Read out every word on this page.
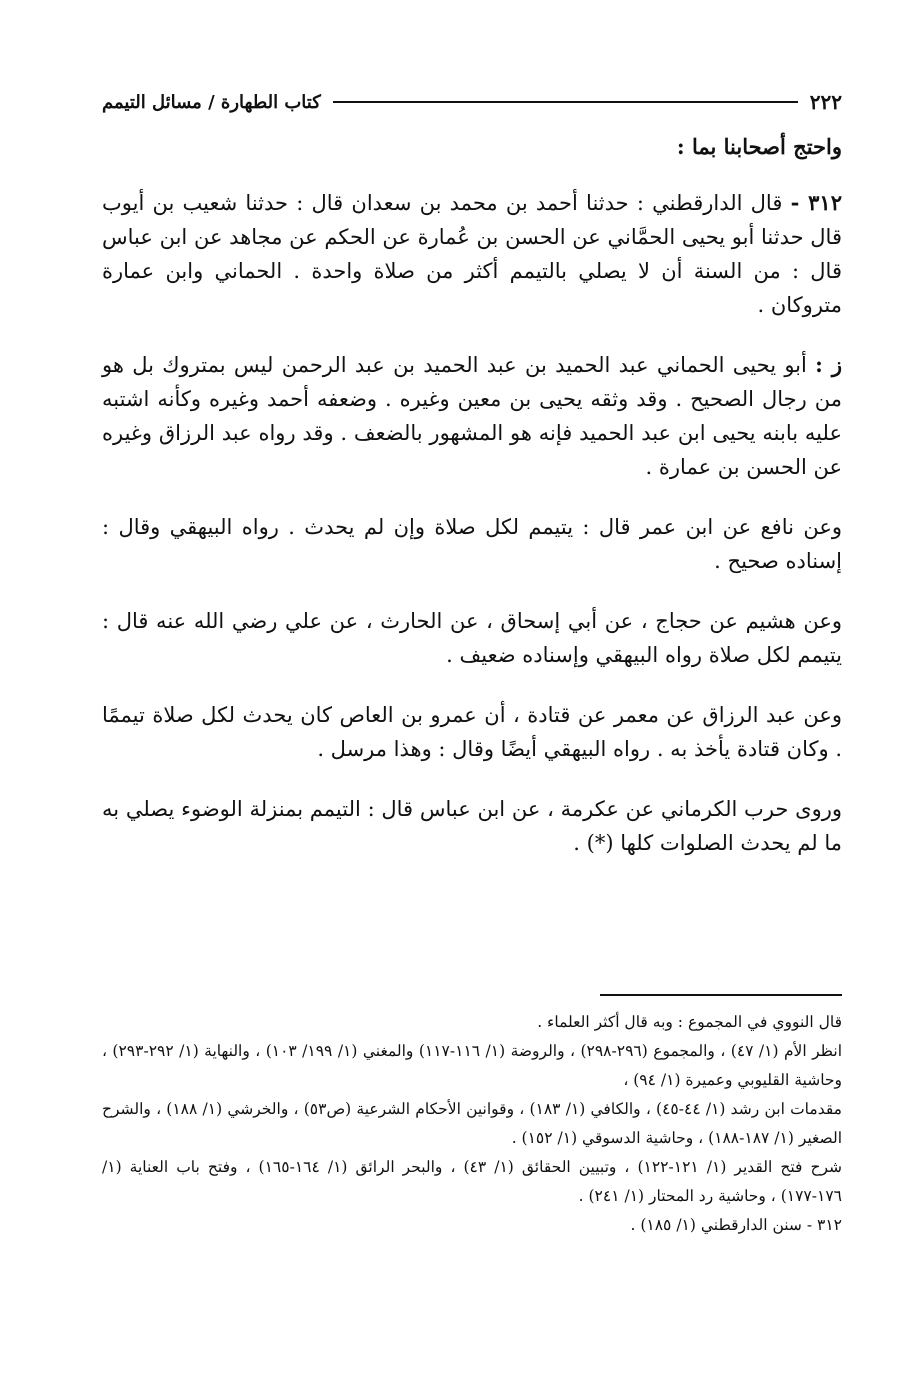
٢٢٢
كتاب الطهارة / مسائل التيمم

واحتج أصحابنا بما :

٣١٢ - قال الدارقطني : حدثنا أحمد بن محمد بن سعدان قال : حدثنا شعيب بن أيوب قال حدثنا أبو يحيى الحمَّاني عن الحسن بن عُمارة عن الحكم عن مجاهد عن ابن عباس قال : من السنة أن لا يصلي بالتيمم أكثر من صلاة واحدة . الحماني وابن عمارة متروكان .

ز : أبو يحيى الحماني عبد الحميد بن عبد الحميد بن عبد الرحمن ليس بمتروك بل هو من رجال الصحيح . وقد وثقه يحيى بن معين وغيره . وضعفه أحمد وغيره وكأنه اشتبه عليه بابنه يحيى ابن عبد الحميد فإنه هو المشهور بالضعف . وقد رواه عبد الرزاق وغيره عن الحسن بن عمارة .

وعن نافع عن ابن عمر قال : يتيمم لكل صلاة وإن لم يحدث . رواه البيهقي وقال : إسناده صحيح .

وعن هشيم عن حجاج ، عن أبي إسحاق ، عن الحارث ، عن علي رضي الله عنه قال : يتيمم لكل صلاة رواه البيهقي وإسناده ضعيف .

وعن عبد الرزاق عن معمر عن قتادة ، أن عمرو بن العاص كان يحدث لكل صلاة تيممًا . وكان قتادة يأخذ به . رواه البيهقي أيضًا وقال : وهذا مرسل .

وروى حرب الكرماني عن عكرمة ، عن ابن عباس قال : التيمم بمنزلة الوضوء يصلي به ما لم يحدث الصلوات كلها (*) .

قال النووي في المجموع : وبه قال أكثر العلماء .

انظر الأم (١/ ٤٧) ، والمجموع (٢٩٦-٢٩٨) ، والروضة (١/ ١١٦-١١٧) والمغني (١/ ١٩٩/ ١٠٣) ، والنهاية (١/ ٢٩٢-٢٩٣) ، وحاشية القليوبي وعميرة (١/ ٩٤) ،

مقدمات ابن رشد (١/ ٤٤-٤٥) ، والكافي (١/ ١٨٣) ، وقوانين الأحكام الشرعية (ص٥٣) ، والخرشي (١/ ١٨٨) ، والشرح الصغير (١/ ١٨٧-١٨٨) ، وحاشية الدسوقي (١/ ١٥٢) .

شرح فتح القدير (١/ ١٢١-١٢٢) ، وتبيين الحقائق (١/ ٤٣) ، والبحر الرائق (١/ ١٦٤-١٦٥) ، وفتح باب العناية (١/ ١٧٦-١٧٧) ، وحاشية رد المحتار (١/ ٢٤١) .

٣١٢ - سنن الدارقطني (١/ ١٨٥) .
